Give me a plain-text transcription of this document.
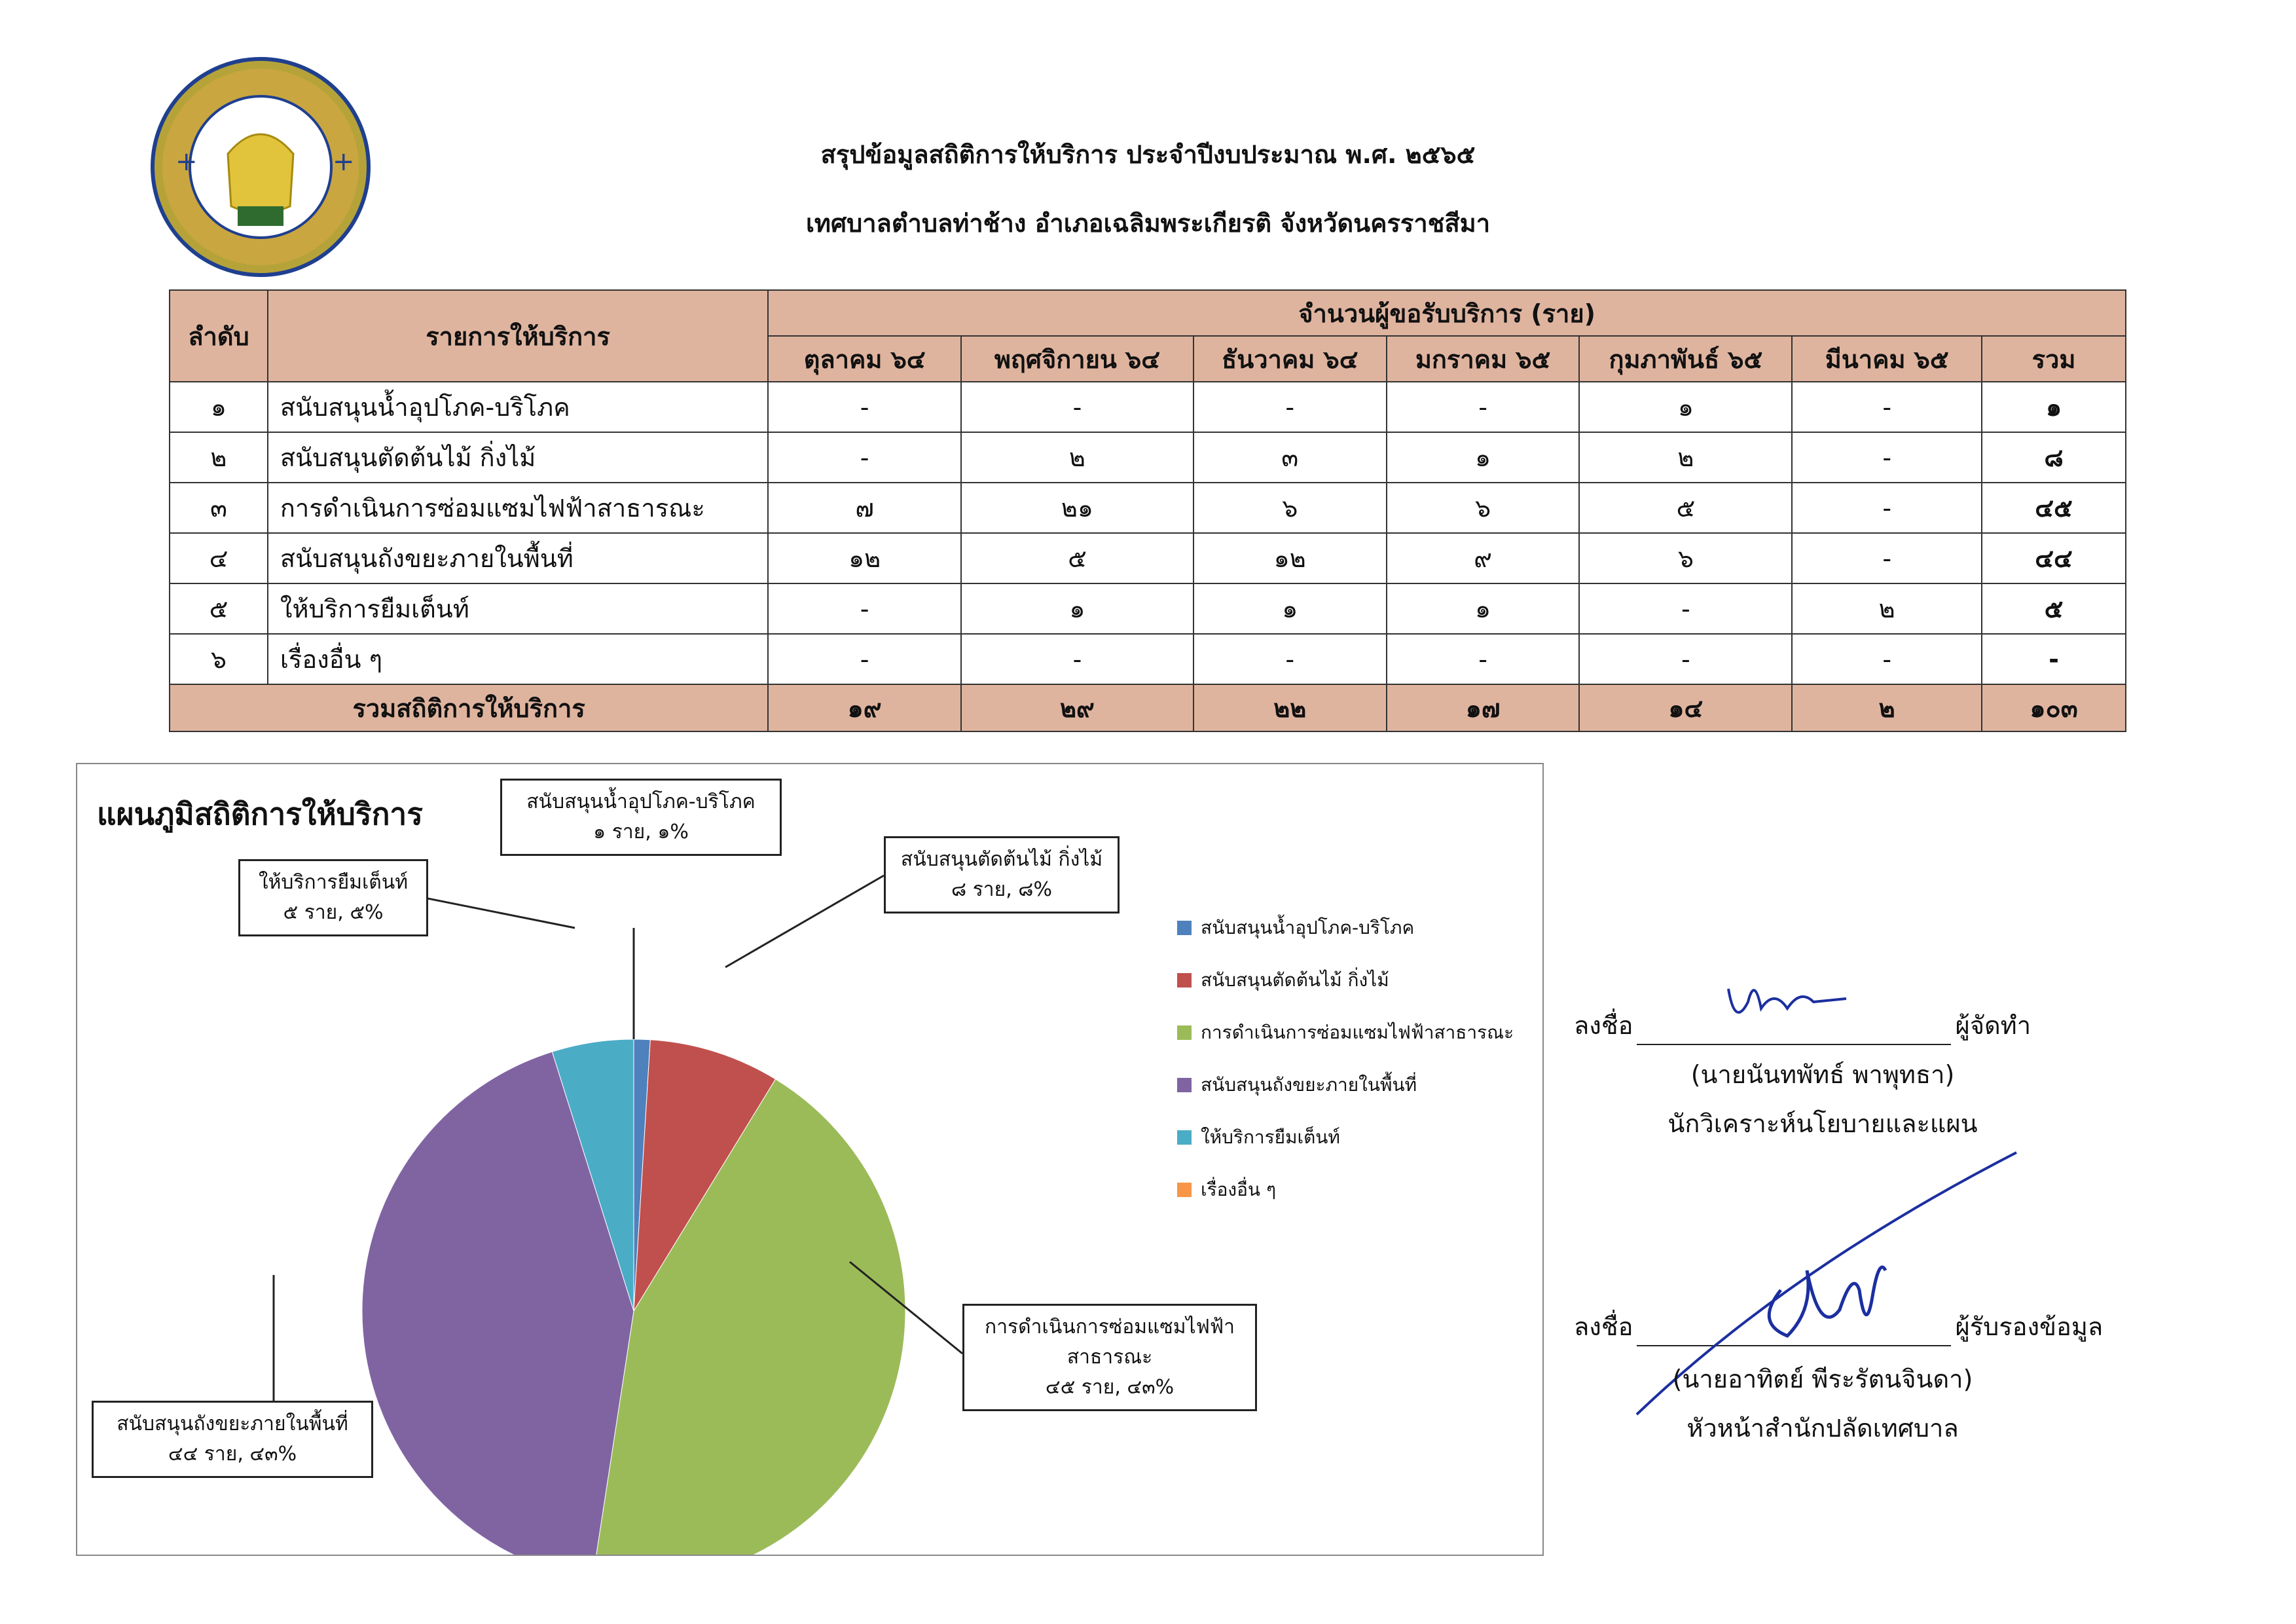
+	+	สรุปข้อมูลสถิติการให้บริการ ประจำปีงบประมาณ พ.ศ. ๒๕๖๕
เทศบาลตำบลท่าช้าง อำเภอเฉลิมพระเกียรติ จังหวัดนครราชสีมา
ลำดับ	รายการให้บริการ	จำนวนผู้ขอรับบริการ (ราย)						
		ตุลาคม ๖๔	พฤศจิกายน ๖๔	ธันวาคม ๖๔	มกราคม ๖๕	กุมภาพันธ์ ๖๕	มีนาคม ๖๕	รวม
๑	สนับสนุนน้ำอุปโภค-บริโภค	-	-	-	-	๑	-	๑
๒	สนับสนุนตัดต้นไม้ กิ่งไม้	-	๒	๓	๑	๒	-	๘
๓	การดำเนินการซ่อมแซมไฟฟ้าสาธารณะ	๗	๒๑	๖	๖	๕	-	๔๕
๔	สนับสนุนถังขยะภายในพื้นที่	๑๒	๕	๑๒	๙	๖	-	๔๔
๕	ให้บริการยืมเต็นท์	-	๑	๑	๑	-	๒	๕
๖	เรื่องอื่น ๆ	-	-	-	-	-	-	-
รวมสถิติการให้บริการ		๑๙	๒๙	๒๒	๑๗	๑๔	๒	๑๐๓
แผนภูมิสถิติการให้บริการ	สนับสนุนน้ำอุปโภค-บริโภค
๑ ราย, ๑%
สนับสนุนตัดต้นไม้ กิ่งไม้
๘ ราย, ๘%
การดำเนินการซ่อมแซมไฟฟ้า สาธารณะ
๔๕ ราย, ๔๓%
สนับสนุนถังขยะภายในพื้นที่
๔๔ ราย, ๔๓%
ให้บริการยืมเต็นท์
๕ ราย, ๕%
สนับสนุนน้ำอุปโภค-บริโภค
สนับสนุนตัดต้นไม้ กิ่งไม้
การดำเนินการซ่อมแซมไฟฟ้าสาธารณะ
สนับสนุนถังขยะภายในพื้นที่
ให้บริการยืมเต็นท์
เรื่องอื่น ๆ
ลงชื่อ	ผู้จัดทำ
(นายนันทพัทธ์ พาพุทธา)
นักวิเคราะห์นโยบายและแผน
ลงชื่อ	ผู้รับรองข้อมูล
(นายอาทิตย์ พีระรัตนจินดา)
หัวหน้าสำนักปลัดเทศบาล
